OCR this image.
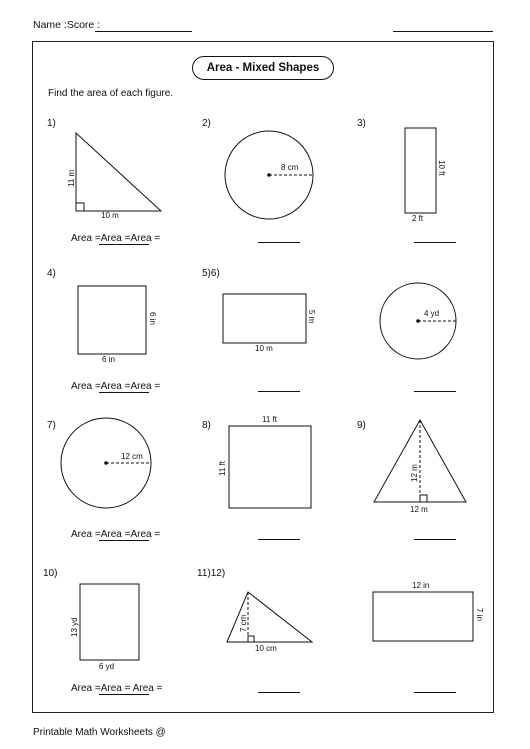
Name :Score :
Area - Mixed Shapes
Find the area of each figure.
1)	2)	3)
4)	5)6)
7)	8)	9)
10)	11)12)
11 m
10 m
8 cm	10 ft
2 ft
6 in
6 in
5 m
10 m
4 yd
12 cm
11 ft
11 ft	12 m
12 m
13 yd
6 yd
7 cm
10 cm
12 in
7 in
Area =Area =Area =
Area =Area =Area =
Area =Area =Area =
Area =Area = Area =
Printable Math Worksheets @
